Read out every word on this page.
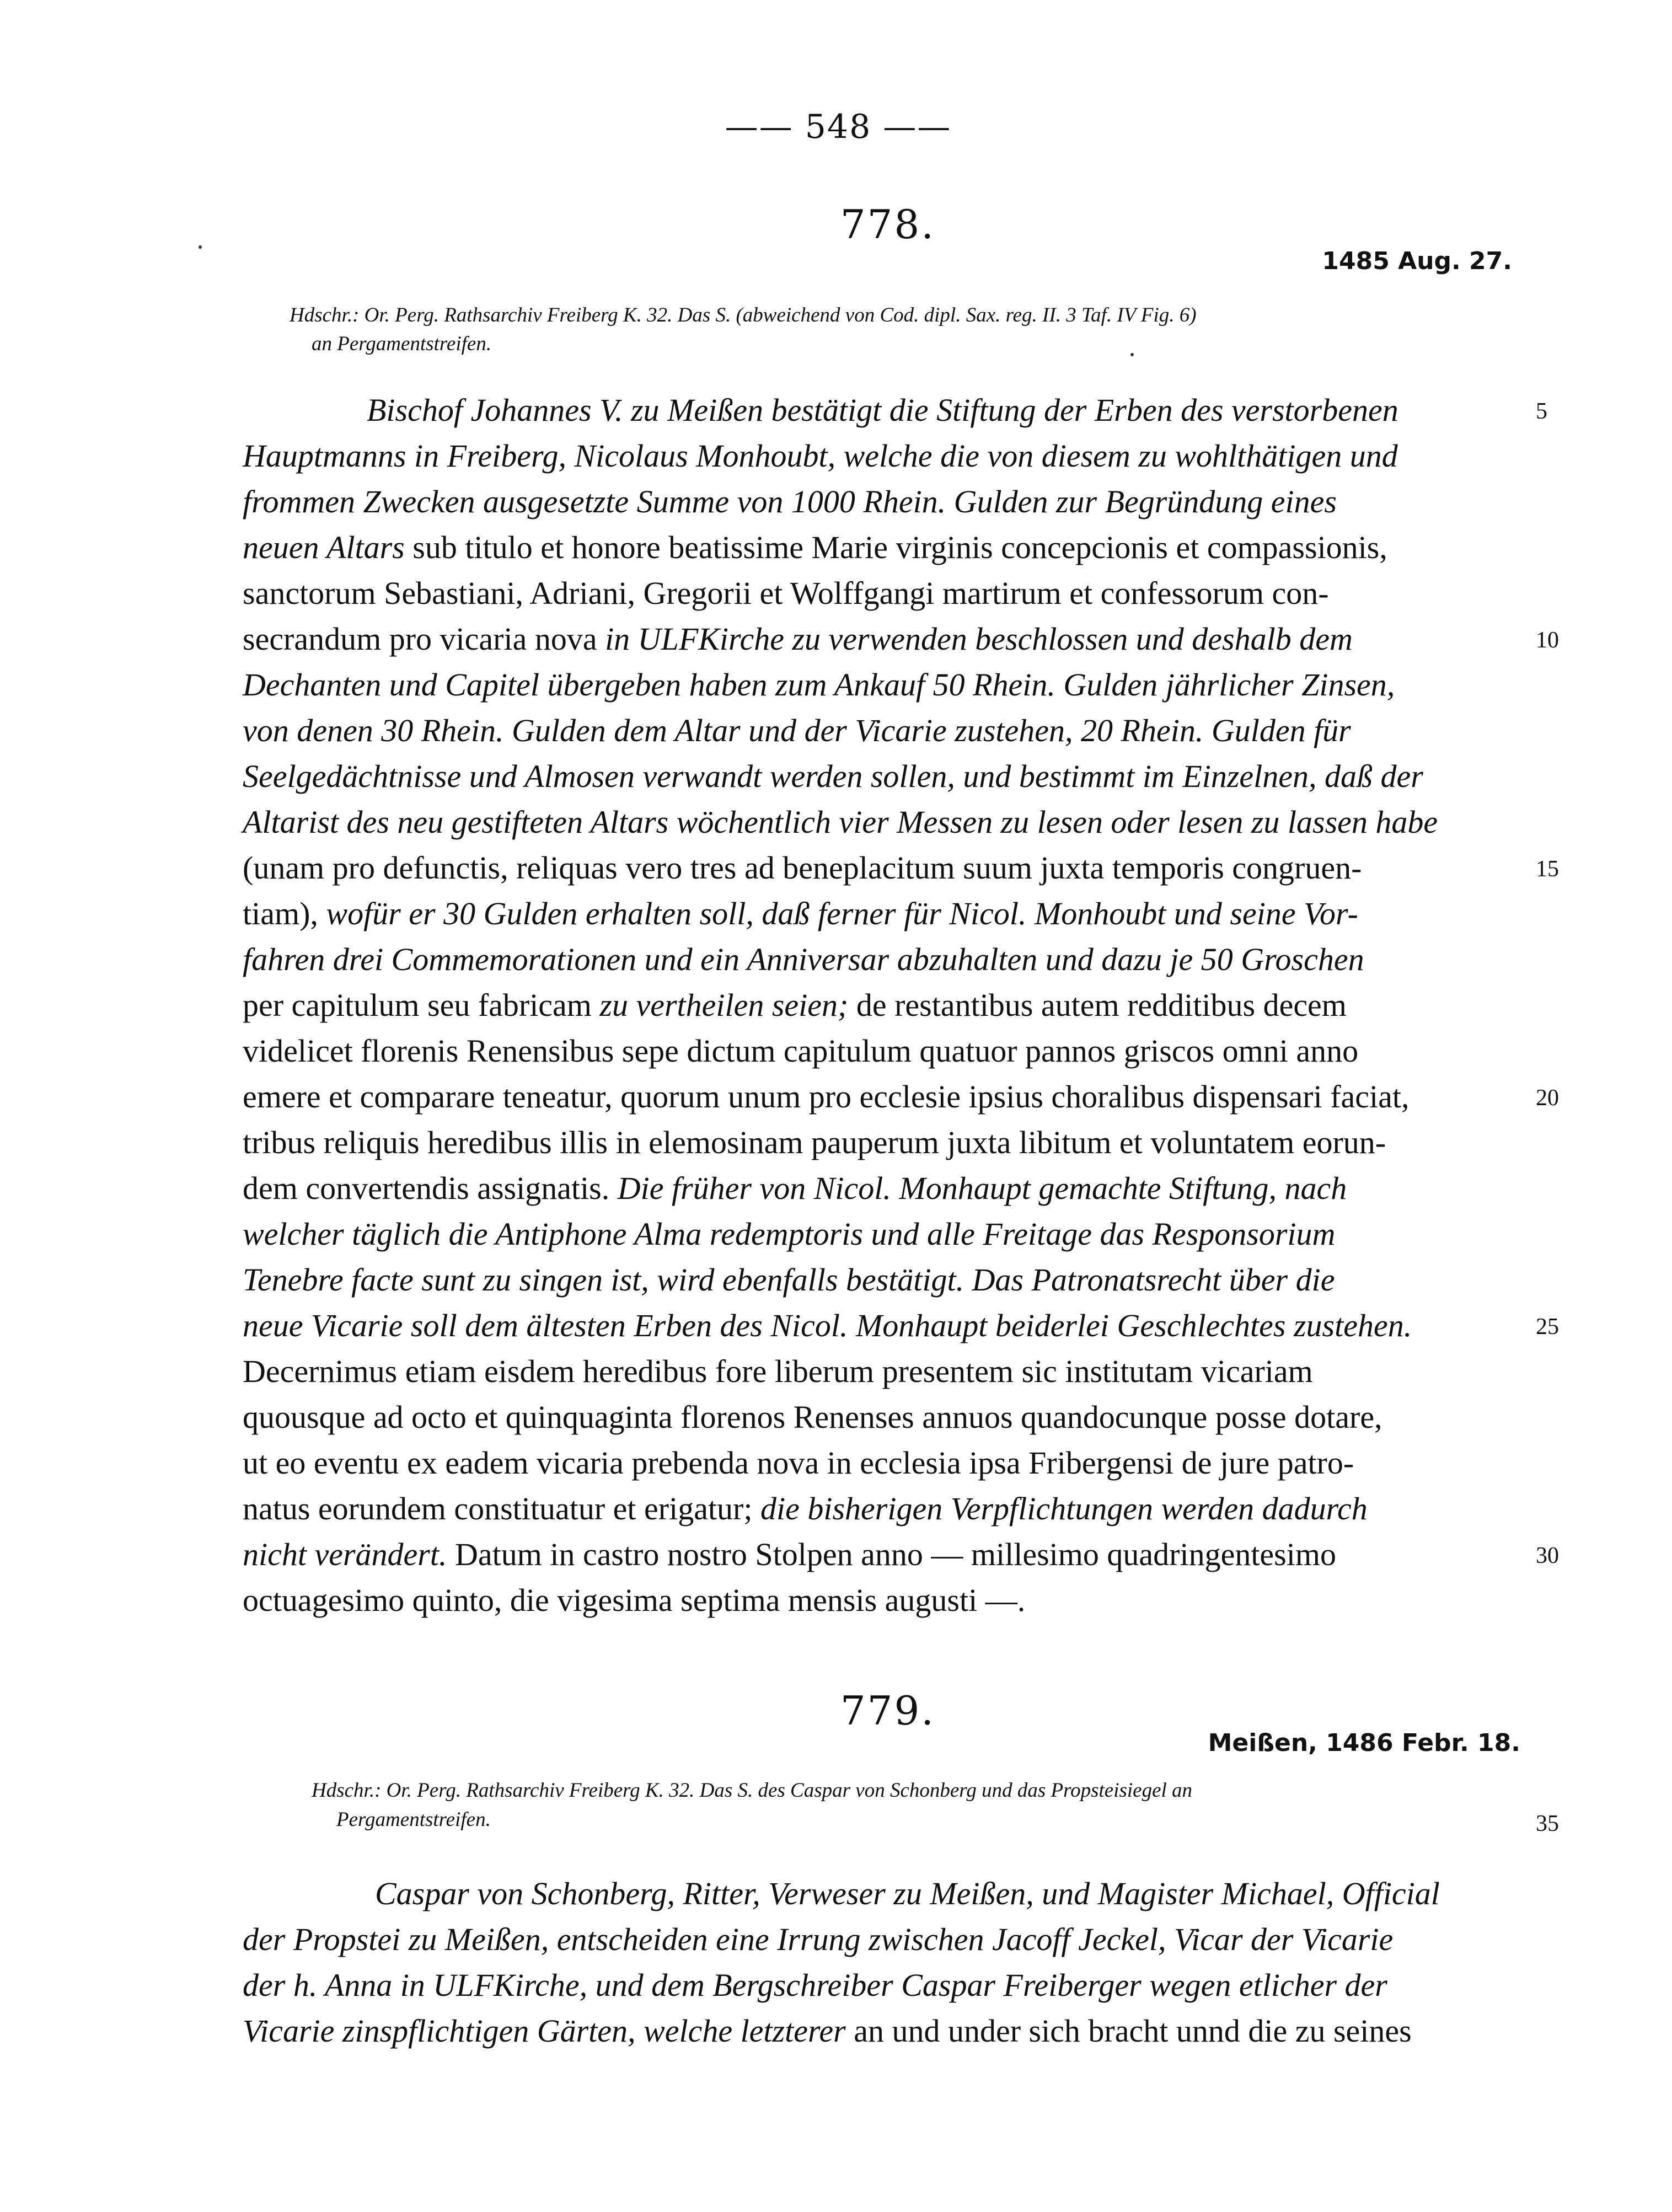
—— 548 ——
778.
1485 Aug. 27.
Hdschr.: Or. Perg. Rathsarchiv Freiberg K. 32. Das S. (abweichend von Cod. dipl. Sax. reg. II. 3 Taf. IV Fig. 6)
an Pergamentstreifen.
Bischof Johannes V. zu Meißen bestätigt die Stiftung der Erben des verstorbenen
Hauptmanns in Freiberg, Nicolaus Monhoubt, welche die von diesem zu wohlthätigen und
frommen Zwecken ausgesetzte Summe von 1000 Rhein. Gulden zur Begründung eines
neuen Altars sub titulo et honore beatissime Marie virginis concepcionis et compassionis,
sanctorum Sebastiani, Adriani, Gregorii et Wolffgangi martirum et confessorum con-
secrandum pro vicaria nova in ULFKirche zu verwenden beschlossen und deshalb dem
Dechanten und Capitel übergeben haben zum Ankauf 50 Rhein. Gulden jährlicher Zinsen,
von denen 30 Rhein. Gulden dem Altar und der Vicarie zustehen, 20 Rhein. Gulden für
Seelgedächtnisse und Almosen verwandt werden sollen, und bestimmt im Einzelnen, daß der
Altarist des neu gestifteten Altars wöchentlich vier Messen zu lesen oder lesen zu lassen habe
(unam pro defunctis, reliquas vero tres ad beneplacitum suum juxta temporis congruen-
tiam), wofür er 30 Gulden erhalten soll, daß ferner für Nicol. Monhoubt und seine Vor-
fahren drei Commemorationen und ein Anniversar abzuhalten und dazu je 50 Groschen
per capitulum seu fabricam zu vertheilen seien; de restantibus autem redditibus decem
videlicet florenis Renensibus sepe dictum capitulum quatuor pannos griscos omni anno
emere et comparare teneatur, quorum unum pro ecclesie ipsius choralibus dispensari faciat,
tribus reliquis heredibus illis in elemosinam pauperum juxta libitum et voluntatem eorun-
dem convertendis assignatis. Die früher von Nicol. Monhaupt gemachte Stiftung, nach
welcher täglich die Antiphone Alma redemptoris und alle Freitage das Responsorium
Tenebre facte sunt zu singen ist, wird ebenfalls bestätigt. Das Patronatsrecht über die
neue Vicarie soll dem ältesten Erben des Nicol. Monhaupt beiderlei Geschlechtes zustehen.
Decernimus etiam eisdem heredibus fore liberum presentem sic institutam vicariam
quousque ad octo et quinquaginta florenos Renenses annuos quandocunque posse dotare,
ut eo eventu ex eadem vicaria prebenda nova in ecclesia ipsa Fribergensi de jure patro-
natus eorundem constituatur et erigatur; die bisherigen Verpflichtungen werden dadurch
nicht verändert. Datum in castro nostro Stolpen anno — millesimo quadringentesimo
octuagesimo quinto, die vigesima septima mensis augusti —.
5
10
15
20
25
30
779.
Meißen, 1486 Febr. 18.
Hdschr.: Or. Perg. Rathsarchiv Freiberg K. 32. Das S. des Caspar von Schonberg und das Propsteisiegel an
Pergamentstreifen.	35
Caspar von Schonberg, Ritter, Verweser zu Meißen, und Magister Michael, Official
der Propstei zu Meißen, entscheiden eine Irrung zwischen Jacoff Jeckel, Vicar der Vicarie
der h. Anna in ULFKirche, und dem Bergschreiber Caspar Freiberger wegen etlicher der
Vicarie zinspflichtigen Gärten, welche letzterer an und under sich bracht unnd die zu seines
